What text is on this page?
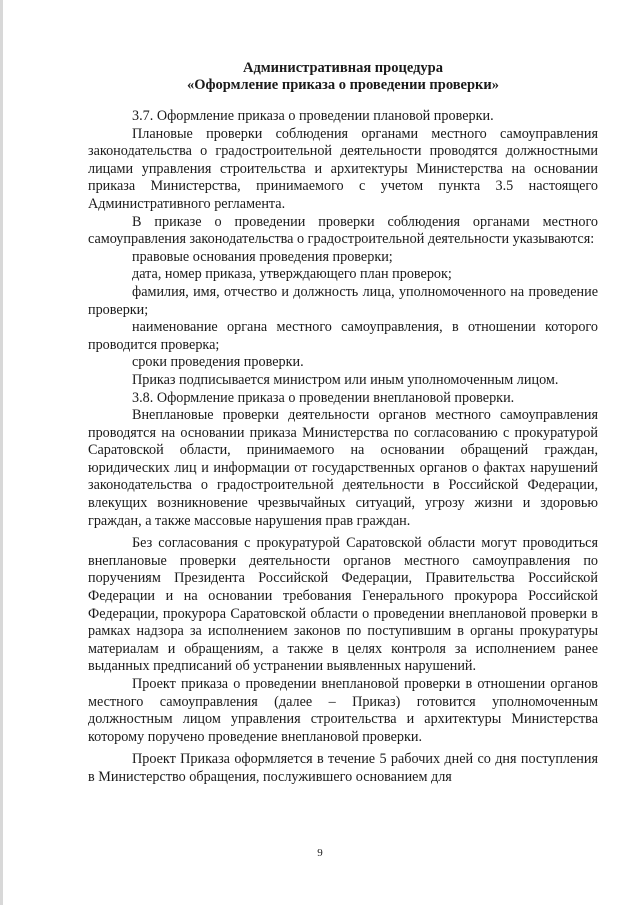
Административная процедура

«Оформление приказа о проведении проверки»

3.7. Оформление приказа о проведении плановой проверки.

Плановые проверки соблюдения органами местного самоуправления законодательства о градостроительной деятельности проводятся должностными лицами управления строительства и архитектуры Министерства на основании приказа Министерства, принимаемого с учетом пункта 3.5 настоящего Административного регламента.

В приказе о проведении проверки соблюдения органами местного самоуправления законодательства о градостроительной деятельности указываются:

правовые основания проведения проверки;

дата, номер приказа, утверждающего план проверок;

фамилия, имя, отчество и должность лица, уполномоченного на проведение проверки;

наименование органа местного самоуправления, в отношении которого проводится проверка;

сроки проведения проверки.

Приказ подписывается министром или иным уполномоченным лицом.

3.8. Оформление приказа о проведении внеплановой проверки.

Внеплановые проверки деятельности органов местного самоуправления проводятся на основании приказа Министерства по согласованию с прокуратурой Саратовской области, принимаемого на основании обращений граждан, юридических лиц и информации от государственных органов о фактах нарушений законодательства о градостроительной деятельности в Российской Федерации, влекущих возникновение чрезвычайных ситуаций, угрозу жизни и здоровью граждан, а также массовые нарушения прав граждан.

Без согласования с прокуратурой Саратовской области могут проводиться внеплановые проверки деятельности органов местного самоуправления по поручениям Президента Российской Федерации, Правительства Российской Федерации и на основании требования Генерального прокурора Российской Федерации, прокурора Саратовской области о проведении внеплановой проверки в рамках надзора за исполнением законов по поступившим в органы прокуратуры материалам и обращениям, а также в целях контроля за исполнением ранее выданных предписаний об устранении выявленных нарушений.

Проект приказа о проведении внеплановой проверки в отношении органов местного самоуправления (далее – Приказ) готовится уполномоченным должностным лицом управления строительства и архитектуры Министерства которому поручено проведение внеплановой проверки.

Проект Приказа оформляется в течение 5 рабочих дней со дня поступления в Министерство обращения, послужившего основанием для

9
